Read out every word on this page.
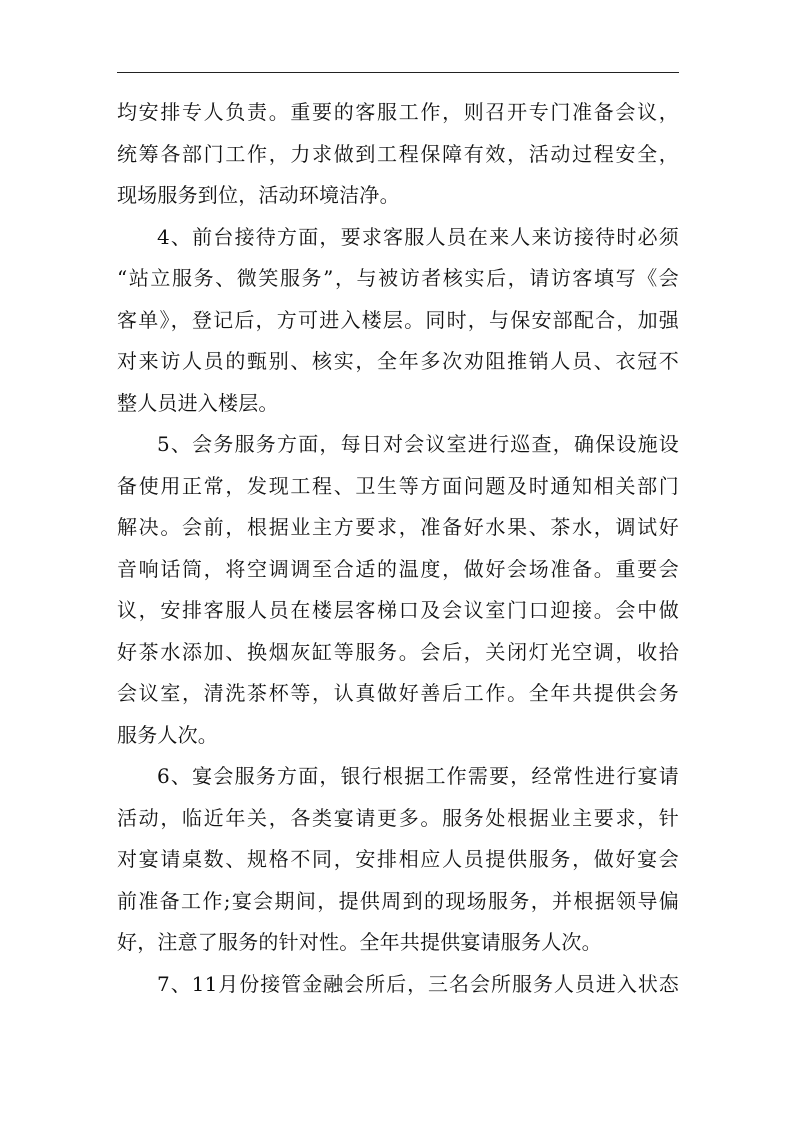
均安排专人负责。重要的客服工作，则召开专门准备会议，
统筹各部门工作，力求做到工程保障有效，活动过程安全，
现场服务到位，活动环境洁净。
4、前台接待方面，要求客服人员在来人来访接待时必须
“站立服务、微笑服务”，与被访者核实后，请访客填写《会
客单》，登记后，方可进入楼层。同时，与保安部配合，加强
对来访人员的甄别、核实，全年多次劝阻推销人员、衣冠不
整人员进入楼层。
5、会务服务方面，每日对会议室进行巡查，确保设施设
备使用正常，发现工程、卫生等方面问题及时通知相关部门
解决。会前，根据业主方要求，准备好水果、茶水，调试好
音响话筒，将空调调至合适的温度，做好会场准备。重要会
议，安排客服人员在楼层客梯口及会议室门口迎接。会中做
好茶水添加、换烟灰缸等服务。会后，关闭灯光空调，收拾
会议室，清洗茶杯等，认真做好善后工作。全年共提供会务
服务人次。
6、宴会服务方面，银行根据工作需要，经常性进行宴请
活动，临近年关，各类宴请更多。服务处根据业主要求，针
对宴请桌数、规格不同，安排相应人员提供服务，做好宴会
前准备工作;宴会期间，提供周到的现场服务，并根据领导偏
好，注意了服务的针对性。全年共提供宴请服务人次。
7、11月份接管金融会所后，三名会所服务人员进入状态
